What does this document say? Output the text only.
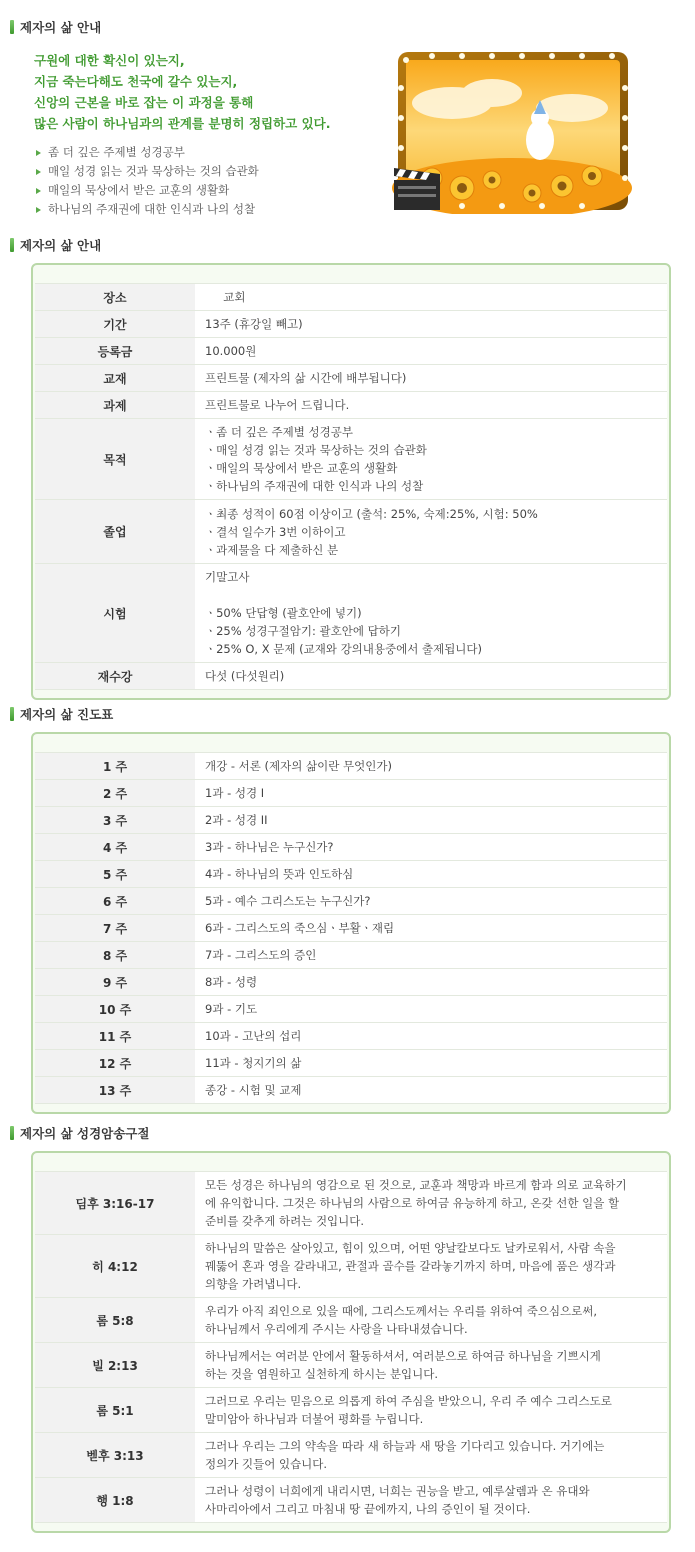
제자의 삶 안내
구원에 대한 확신이 있는지,
지금 죽는다해도 천국에 갈수 있는지,
신앙의 근본을 바로 잡는 이 과정을 통해
많은 사람이 하나님과의 관계를 분명히 정립하고 있다.
좀 더 깊은 주제별 성경공부
매일 성경 읽는 것과 묵상하는 것의 습관화
매일의 묵상에서 받은 교훈의 생활화
하나님의 주재권에 대한 인식과 나의 성찰
제자의 삶 안내
장소	교회

기간	13주 (휴강일 빼고)

등록금	10.000원

교재	프린트물 (제자의 삶 시간에 배부됩니다)

과제	프린트물로 나누어 드립니다.

목적	ㆍ좀 더 깊은 주제별 성경공부
ㆍ매일 성경 읽는 것과 묵상하는 것의 습관화
ㆍ매일의 묵상에서 받은 교훈의 생활화
ㆍ하나님의 주재권에 대한 인식과 나의 성찰

졸업	ㆍ최종 성적이 60점 이상이고 (출석: 25%, 숙제:25%, 시험: 50%
ㆍ결석 일수가 3번 이하이고
ㆍ과제물을 다 제출하신 분

시험	기말고사
ㆍ50% 단답형 (괄호안에 넣기)
ㆍ25% 성경구절암기: 괄호안에 답하기
ㆍ25% O, X 문제 (교재와 강의내용중에서 출제됩니다)

재수강	다섯 (다섯원리)
제자의 삶 진도표
1 주	개강 - 서론 (제자의 삶이란 무엇인가)
2 주	1과 - 성경 I
3 주	2과 - 성경 II
4 주	3과 - 하나님은 누구신가?
5 주	4과 - 하나님의 뜻과 인도하심
6 주	5과 - 예수 그리스도는 누구신가?
7 주	6과 - 그리스도의 죽으심ㆍ부활ㆍ재림
8 주	7과 - 그리스도의 증인
9 주	8과 - 성령
10 주	9과 - 기도
11 주	10과 - 고난의 섭리
12 주	11과 - 청지기의 삶
13 주	종강 - 시험 및 교제
제자의 삶 성경암송구절
딤후 3:16-17	모든 성경은 하나님의 영감으로 된 것으로, 교훈과 책망과 바르게 함과 의로 교육하기
에 유익합니다. 그것은 하나님의 사람으로 하여금 유능하게 하고, 온갖 선한 일을 할
준비를 갖추게 하려는 것입니다.

히 4:12	하나님의 말씀은 살아있고, 힘이 있으며, 어떤 양날칼보다도 날카로워서, 사람 속을
꿰뚫어 혼과 영을 갈라내고, 관절과 골수를 갈라놓기까지 하며, 마음에 품은 생각과
의향을 가려냅니다.

롬 5:8	우리가 아직 죄인으로 있을 때에, 그리스도께서는 우리를 위하여 죽으심으로써,
하나님께서 우리에게 주시는 사랑을 나타내셨습니다.

빌 2:13	하나님께서는 여러분 안에서 활동하셔서, 여러분으로 하여금 하나님을 기쁘시게
하는 것을 염원하고 실천하게 하시는 분입니다.

롬 5:1	그러므로 우리는 믿음으로 의롭게 하여 주심을 받았으니, 우리 주 예수 그리스도로
말미암아 하나님과 더불어 평화를 누립니다.

벧후 3:13	그러나 우리는 그의 약속을 따라 새 하늘과 새 땅을 기다리고 있습니다. 거기에는
정의가 깃들어 있습니다.

행 1:8	그러나 성령이 너희에게 내리시면, 너희는 권능을 받고, 예루살렘과 온 유대와
사마리아에서 그리고 마침내 땅 끝에까지, 나의 증인이 될 것이다.
